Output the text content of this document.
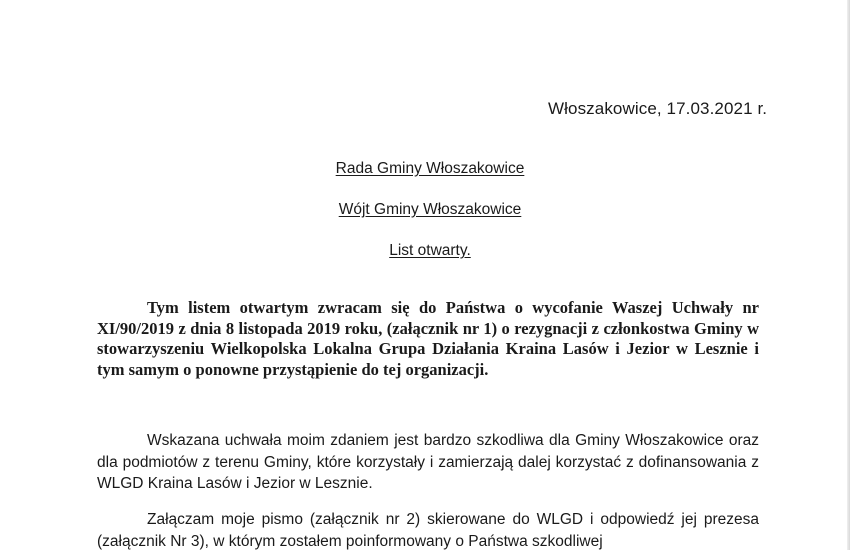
Włoszakowice, 17.03.2021 r.
Rada Gminy Włoszakowice
Wójt Gminy Włoszakowice
List otwarty.
Tym listem otwartym zwracam się do Państwa o wycofanie Waszej Uchwały nr XI/90/2019 z dnia 8 listopada 2019 roku, (załącznik nr 1) o rezygnacji z członkostwa Gminy w stowarzyszeniu Wielkopolska Lokalna Grupa Działania Kraina Lasów i Jezior w Lesznie i tym samym o ponowne przystąpienie do tej organizacji.
Wskazana uchwała moim zdaniem jest bardzo szkodliwa dla Gminy Włoszakowice oraz dla podmiotów z terenu Gminy, które korzystały i zamierzają dalej korzystać z dofinansowania z WLGD Kraina Lasów i Jezior w Lesznie.
Załączam moje pismo (załącznik nr 2) skierowane do WLGD i odpowiedź jej prezesa (załącznik Nr 3), w którym zostałem poinformowany o Państwa szkodliwej
